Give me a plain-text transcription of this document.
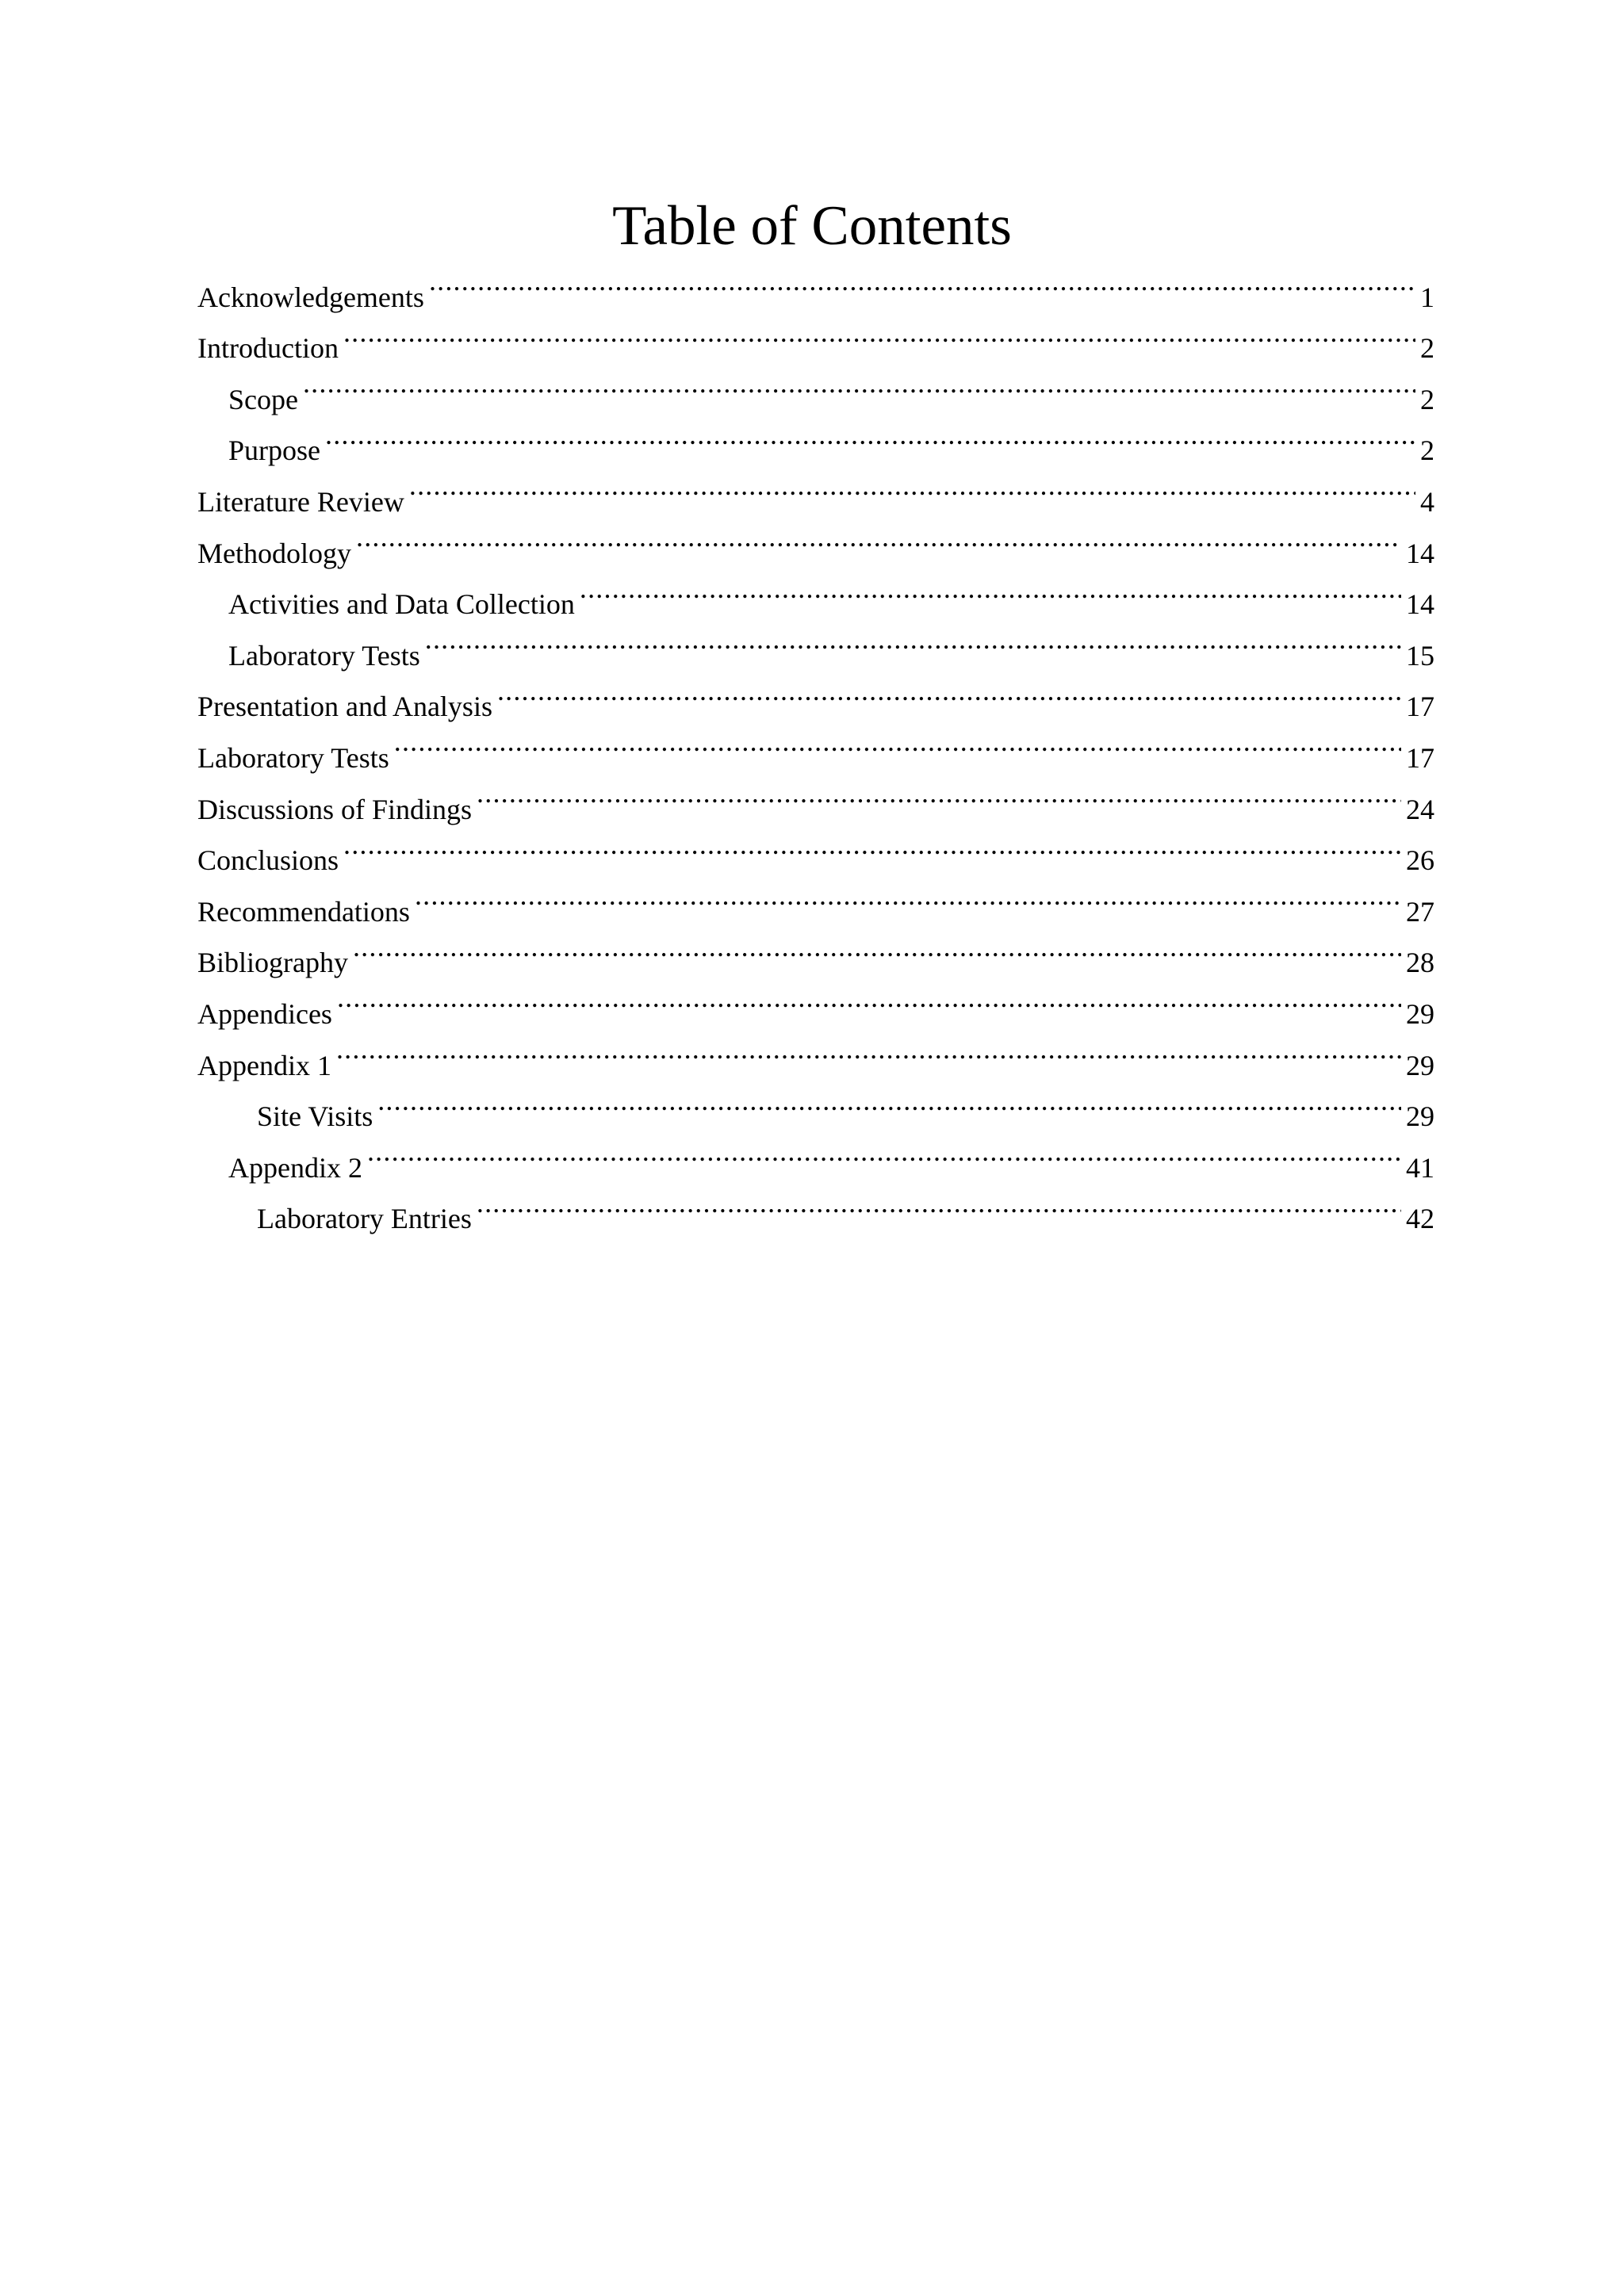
Table of Contents
Acknowledgements .....	1
Introduction .....	2
Scope .....	2
Purpose .....	2
Literature Review .....	4
Methodology .....	14
Activities and Data Collection .....	14
Laboratory Tests .....	15
Presentation and Analysis .....	17
Laboratory Tests .....	17
Discussions of Findings .....	24
Conclusions .....	26
Recommendations .....	27
Bibliography .....	28
Appendices .....	29
Appendix 1 .....	29
Site Visits .....	29
Appendix 2 .....	41
Laboratory Entries .....	42
